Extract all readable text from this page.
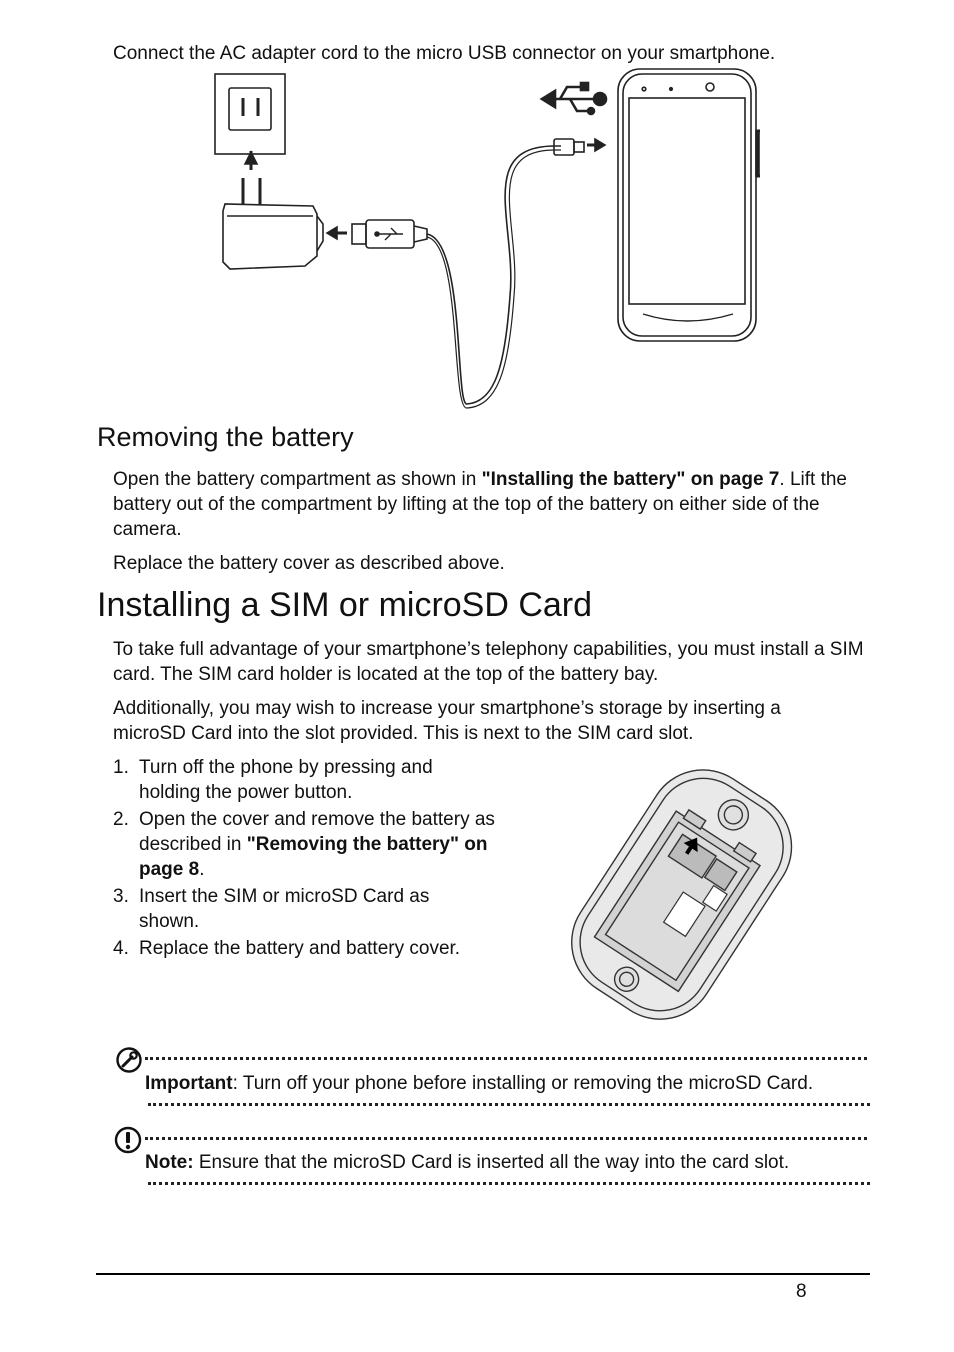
Connect the AC adapter cord to the micro USB connector on your smartphone.

Removing the battery

Open the battery compartment as shown in "Installing the battery" on page 7. Lift the battery out of the compartment by lifting at the top of the battery on either side of the camera.

Replace the battery cover as described above.

Installing a SIM or microSD Card

To take full advantage of your smartphone’s telephony capabilities, you must install a SIM card. The SIM card holder is located at the top of the battery bay.

Additionally, you may wish to increase your smartphone’s storage by inserting a microSD Card into the slot provided. This is next to the SIM card slot.

1. Turn off the phone by pressing and holding the power button.
2. Open the cover and remove the battery as described in "Removing the battery" on page 8.
3. Insert the SIM or microSD Card as shown.
4. Replace the battery and battery cover.
Important: Turn off your phone before installing or removing the microSD Card.
Note: Ensure that the microSD Card is inserted all the way into the card slot.
8
